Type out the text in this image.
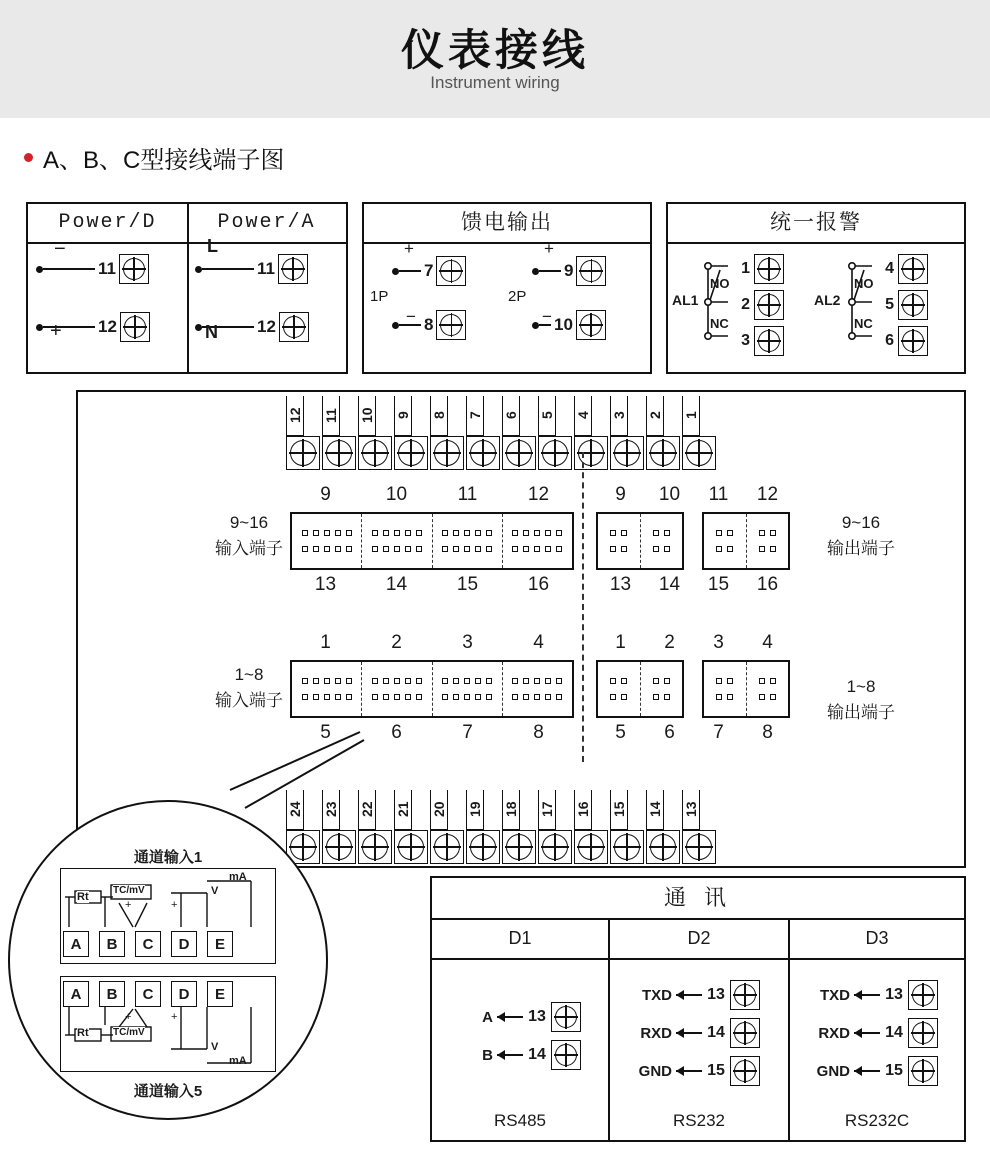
仪表接线
Instrument wiring
A、B、C型接线端子图
Power/D
11
−
12
+
Power/A
11
L
12
N
馈电输出
1P
7
+
8
−
2P
9
+
10
−
统一报警
AL1
NO
NC
1
2
3
AL2
NO
NC
4
5
6
12 11 10 9 8 7 6 5 4 3 2 1
9~16
输入端子
9	10	11	12
13	14	15	16
9	10	11	12
13	14	15	16
9~16
输出端子
1~8
输入端子
1	2	3	4
5	6	7	8
1	2	3	4
5	6	7	8
1~8
输出端子
24 23 22 21 20 19 18 17 16 15 14 13
通道输入1
Rt
TC/mV	V
mA
+	+
A	B	C	D	E
A	B	C	D	E
Rt TC/mV
V
mA
+	+
通道输入5
通 讯
D1
A 13
B 14
RS485
D2
TXD 13
RXD 14
GND 15
RS232
D3
TXD 13
RXD 14
GND 15
RS232C
